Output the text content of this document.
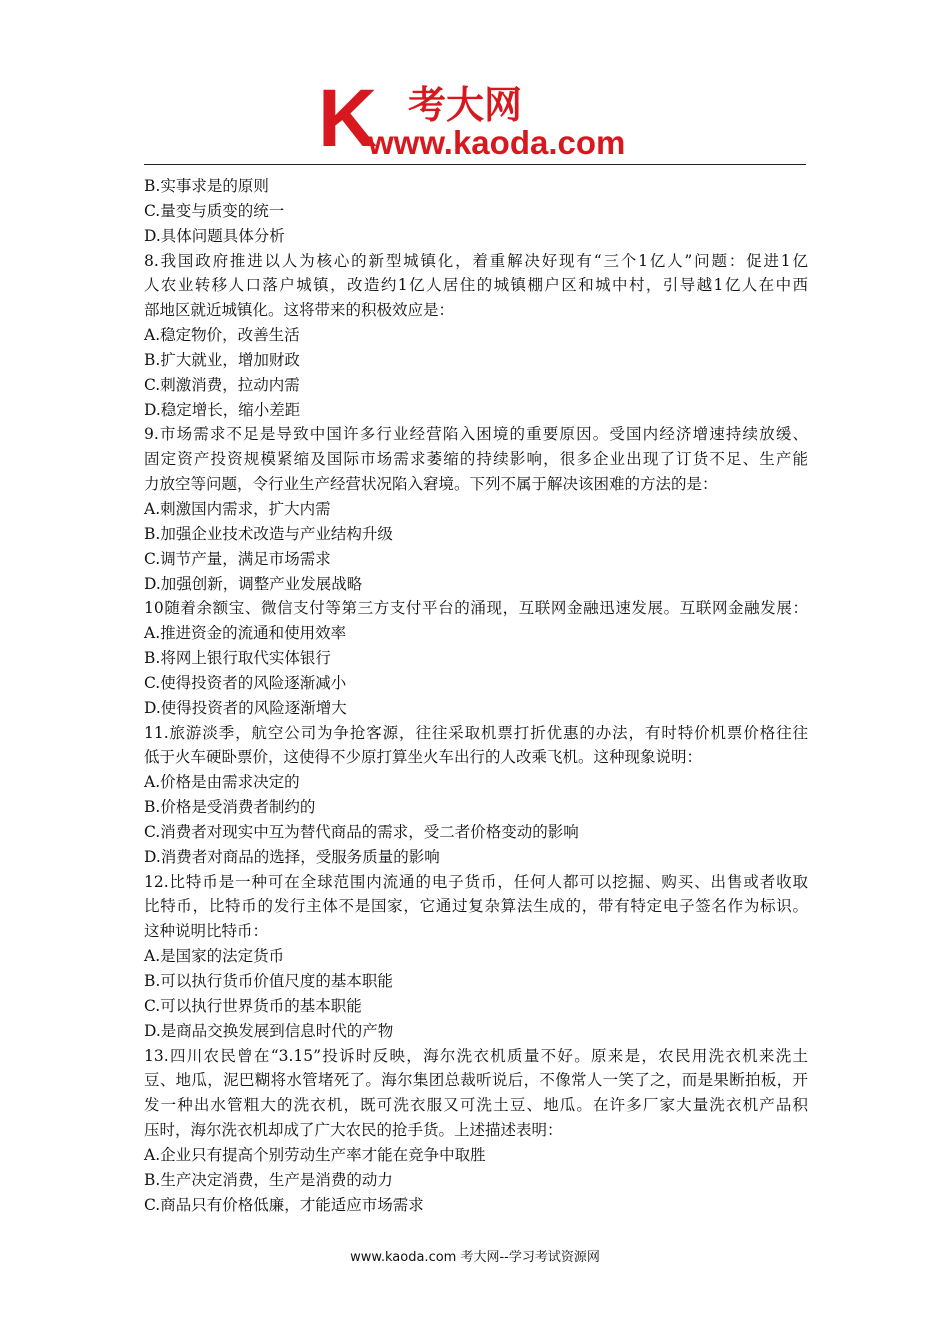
K 考大网
www.kaoda.com
B.实事求是的原则
C.量变与质变的统一
D.具体问题具体分析
8.我国政府推进以人为核心的新型城镇化，着重解决好现有“三个1亿人”问题：促进1亿
人农业转移人口落户城镇，改造约1亿人居住的城镇棚户区和城中村，引导越1亿人在中西
部地区就近城镇化。这将带来的积极效应是：
A.稳定物价，改善生活
B.扩大就业，增加财政
C.刺激消费，拉动内需
D.稳定增长，缩小差距
9.市场需求不足是导致中国许多行业经营陷入困境的重要原因。受国内经济增速持续放缓、
固定资产投资规模紧缩及国际市场需求萎缩的持续影响，很多企业出现了订货不足、生产能
力放空等问题，令行业生产经营状况陷入窘境。下列不属于解决该困难的方法的是：
A.刺激国内需求，扩大内需
B.加强企业技术改造与产业结构升级
C.调节产量，满足市场需求
D.加强创新，调整产业发展战略
10随着余额宝、微信支付等第三方支付平台的涌现，互联网金融迅速发展。互联网金融发展：
A.推进资金的流通和使用效率
B.将网上银行取代实体银行
C.使得投资者的风险逐渐减小
D.使得投资者的风险逐渐增大
11.旅游淡季，航空公司为争抢客源，往往采取机票打折优惠的办法，有时特价机票价格往往
低于火车硬卧票价，这使得不少原打算坐火车出行的人改乘飞机。这种现象说明：
A.价格是由需求决定的
B.价格是受消费者制约的
C.消费者对现实中互为替代商品的需求，受二者价格变动的影响
D.消费者对商品的选择，受服务质量的影响
12.比特币是一种可在全球范围内流通的电子货币，任何人都可以挖掘、购买、出售或者收取
比特币，比特币的发行主体不是国家，它通过复杂算法生成的，带有特定电子签名作为标识。
这种说明比特币：
A.是国家的法定货币
B.可以执行货币价值尺度的基本职能
C.可以执行世界货币的基本职能
D.是商品交换发展到信息时代的产物
13.四川农民曾在“3.15”投诉时反映，海尔洗衣机质量不好。原来是，农民用洗衣机来洗土
豆、地瓜，泥巴糊将水管堵死了。海尔集团总裁听说后，不像常人一笑了之，而是果断拍板，开
发一种出水管粗大的洗衣机，既可洗衣服又可洗土豆、地瓜。在许多厂家大量洗衣机产品积
压时，海尔洗衣机却成了广大农民的抢手货。上述描述表明：
A.企业只有提高个别劳动生产率才能在竞争中取胜
B.生产决定消费，生产是消费的动力
C.商品只有价格低廉，才能适应市场需求
www.kaoda.com 考大网--学习考试资源网
